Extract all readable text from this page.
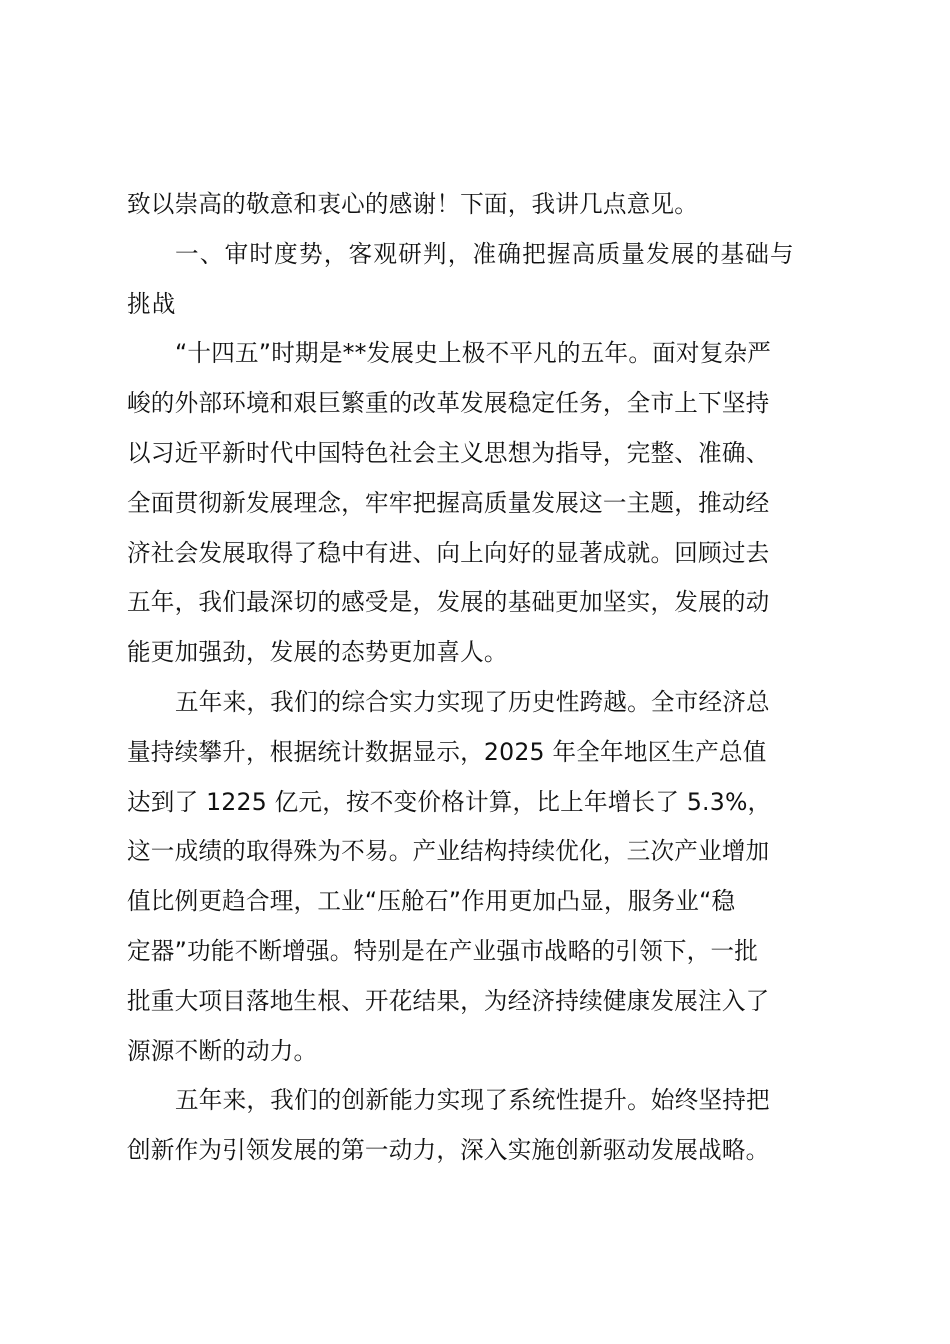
致以崇高的敬意和衷心的感谢！下面，我讲几点意见。
一、审时度势，客观研判，准确把握高质量发展的基础与
挑战
“十四五”时期是**发展史上极不平凡的五年。面对复杂严
峻的外部环境和艰巨繁重的改革发展稳定任务，全市上下坚持
以习近平新时代中国特色社会主义思想为指导，完整、准确、
全面贯彻新发展理念，牢牢把握高质量发展这一主题，推动经
济社会发展取得了稳中有进、向上向好的显著成就。回顾过去
五年，我们最深切的感受是，发展的基础更加坚实，发展的动
能更加强劲，发展的态势更加喜人。
五年来，我们的综合实力实现了历史性跨越。全市经济总
量持续攀升，根据统计数据显示，2025 年全年地区生产总值
达到了 1225 亿元，按不变价格计算，比上年增长了 5.3%，
这一成绩的取得殊为不易。产业结构持续优化，三次产业增加
值比例更趋合理，工业“压舱石”作用更加凸显，服务业“稳
定器”功能不断增强。特别是在产业强市战略的引领下，一批
批重大项目落地生根、开花结果，为经济持续健康发展注入了
源源不断的动力。
五年来，我们的创新能力实现了系统性提升。始终坚持把
创新作为引领发展的第一动力，深入实施创新驱动发展战略。
